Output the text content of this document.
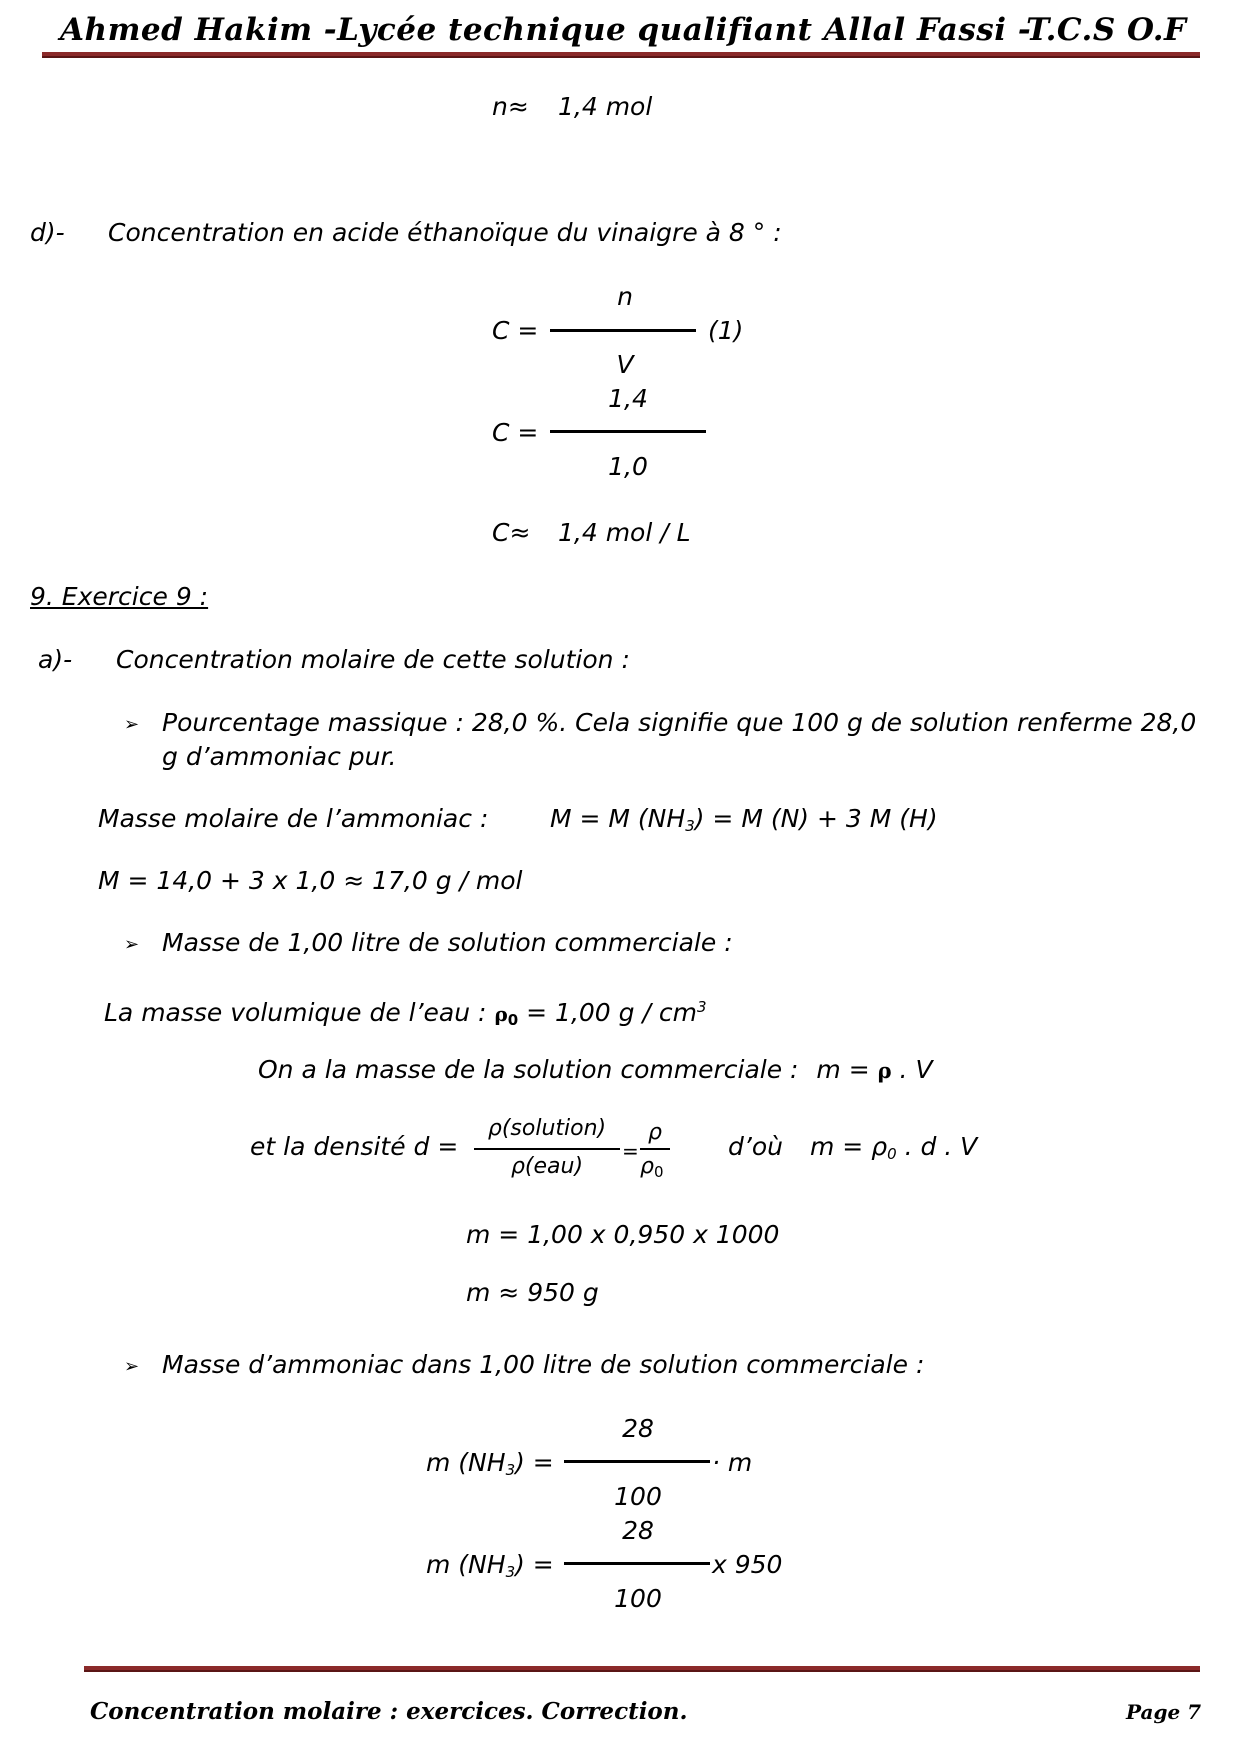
Ahmed Hakim -Lycée technique qualifiant Allal Fassi -T.C.S O.F
n≈ 1,4 mol
d)- Concentration en acide éthanoïque du vinaigre à 8 ° :
n
C =	(1)
V
1,4
C =
1,0
C≈ 1,4 mol / L
9. Exercice 9 :
a)- Concentration molaire de cette solution :
➢ Pourcentage massique : 28,0 %. Cela signifie que 100 g de solution renferme 28,0
g d’ammoniac pur.
Masse molaire de l’ammoniac : M = M $(NH_3) = M$ (N) + 3 M (H)
M = 14,0 + 3 x 1,0 ≈ 17,0 g / mol
➢ Masse de 1,00 litre de solution commerciale :
La masse volumique de l’eau : $\rho_0 = 1,00$ g / $cm^3$
On a la masse de la solution commerciale : m = ρ . V
et la densité d =
ρ(solution)
ρ(eau)
=
ρ
$\rho_0$
d’où $m = \rho_0$ . d . V
m = 1,00 x 0,950 x 1000
m ≈ 950 g
➢ Masse d’ammoniac dans 1,00 litre de solution commerciale :
28
m $(NH_3)$ =	· m
100
28
m $(NH_3)$ =	x 950
100
Concentration molaire : exercices. Correction.	Page 7
